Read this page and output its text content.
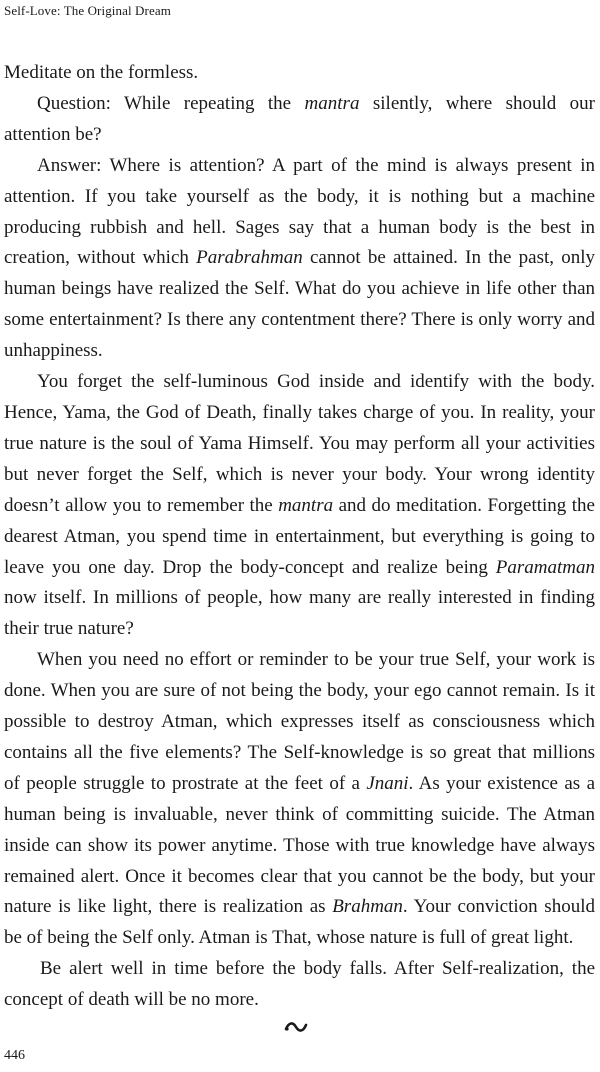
Self-Love: The Original Dream

Meditate on the formless.

Question: While repeating the mantra silently, where should our attention be?

Answer: Where is attention? A part of the mind is always present in attention. If you take yourself as the body, it is nothing but a machine producing rubbish and hell. Sages say that a human body is the best in creation, without which Parabrahman cannot be attained. In the past, only human beings have realized the Self. What do you achieve in life other than some entertainment? Is there any contentment there? There is only worry and unhappiness.

You forget the self-luminous God inside and identify with the body. Hence, Yama, the God of Death, finally takes charge of you. In reality, your true nature is the soul of Yama Himself. You may perform all your activities but never forget the Self, which is never your body. Your wrong identity doesn’t allow you to remember the mantra and do meditation. Forgetting the dearest Atman, you spend time in entertainment, but everything is going to leave you one day. Drop the body-concept and realize being Paramatman now itself. In millions of people, how many are really interested in finding their true nature?

When you need no effort or reminder to be your true Self, your work is done. When you are sure of not being the body, your ego cannot remain. Is it possible to destroy Atman, which expresses itself as consciousness which contains all the five elements? The Self-knowledge is so great that millions of people struggle to prostrate at the feet of a Jnani. As your existence as a human being is invaluable, never think of committing suicide. The Atman inside can show its power anytime. Those with true knowledge have always remained alert. Once it becomes clear that you cannot be the body, but your nature is like light, there is realization as Brahman. Your conviction should be of being the Self only. Atman is That, whose nature is full of great light.

Be alert well in time before the body falls. After Self-realization, the concept of death will be no more.

446
